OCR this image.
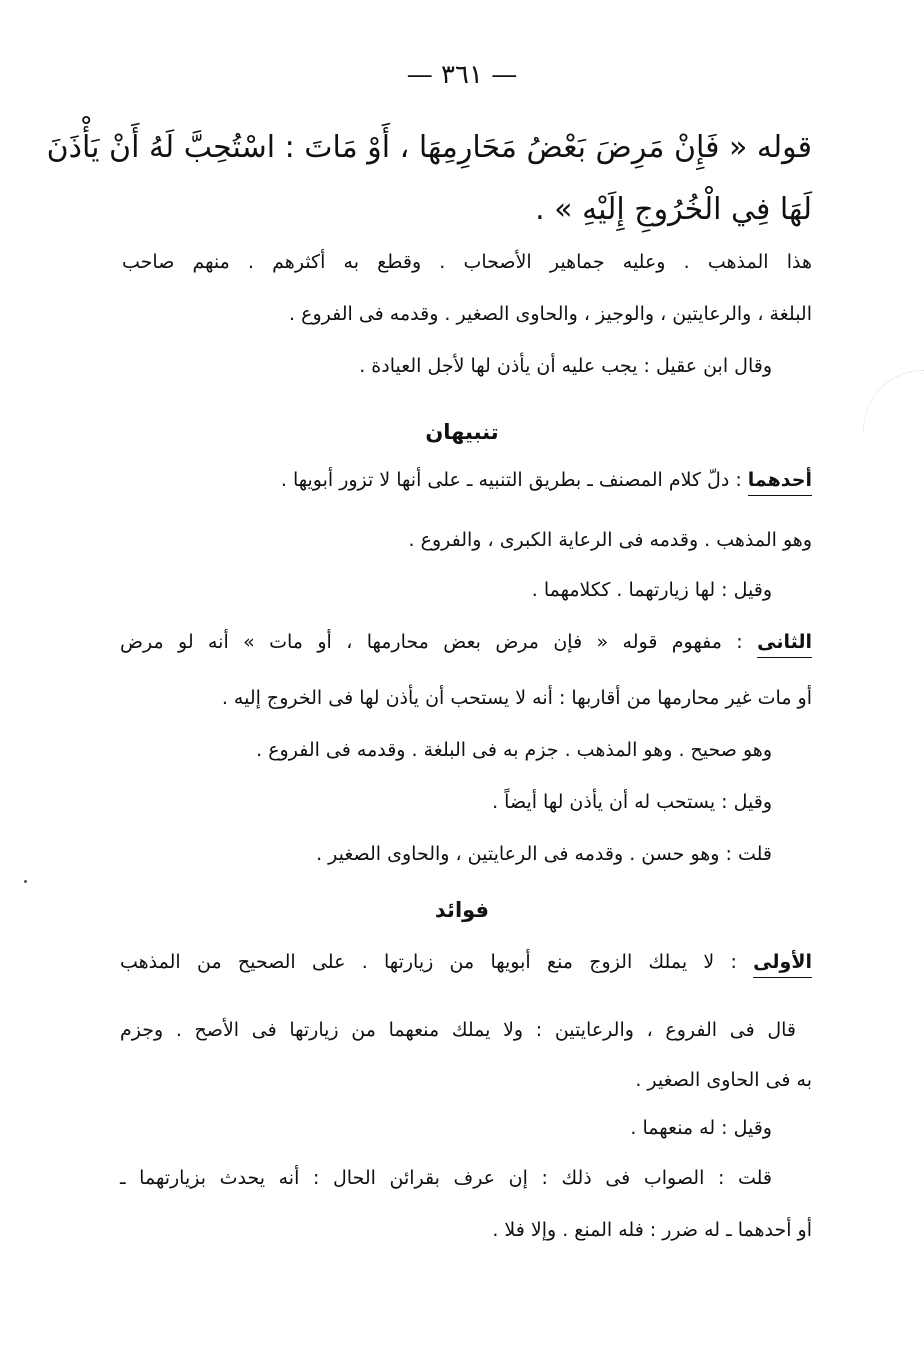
— ٣٦١ —
قوله « فَإِنْ مَرِضَ بَعْضُ مَحَارِمِهَا ، أَوْ مَاتَ : اسْتُحِبَّ لَهُ أَنْ يَأْذَنَ
لَهَا فِي الْخُرُوجِ إِلَيْهِ » .
هذا المذهب . وعليه جماهير الأصحاب . وقطع به أكثرهم . منهم صاحب
البلغة ، والرعايتين ، والوجيز ، والحاوى الصغير . وقدمه فى الفروع .
وقال ابن عقيل : يجب عليه أن يأذن لها لأجل العيادة .
تنبيهان
أحدهما : دلّ كلام المصنف ـ بطريق التنبيه ـ على أنها لا تزور أبويها .
وهو المذهب . وقدمه فى الرعاية الكبرى ، والفروع .
وقيل : لها زيارتهما . ككلامهما .
الثانى : مفهوم قوله « فإن مرض بعض محارمها ، أو مات » أنه لو مرض
أو مات غير محارمها من أقاربها : أنه لا يستحب أن يأذن لها فى الخروج إليه .
وهو صحيح . وهو المذهب . جزم به فى البلغة . وقدمه فى الفروع .
وقيل : يستحب له أن يأذن لها أيضاً .
قلت : وهو حسن . وقدمه فى الرعايتين ، والحاوى الصغير .
فوائد
الأولى : لا يملك الزوج منع أبويها من زيارتها . على الصحيح من المذهب
قال فى الفروع ، والرعايتين : ولا يملك منعهما من زيارتها فى الأصح . وجزم
به فى الحاوى الصغير .
وقيل : له منعهما .
قلت : الصواب فى ذلك : إن عرف بقرائن الحال : أنه يحدث بزيارتهما ـ
أو أحدهما ـ له ضرر : فله المنع . وإلا فلا .
